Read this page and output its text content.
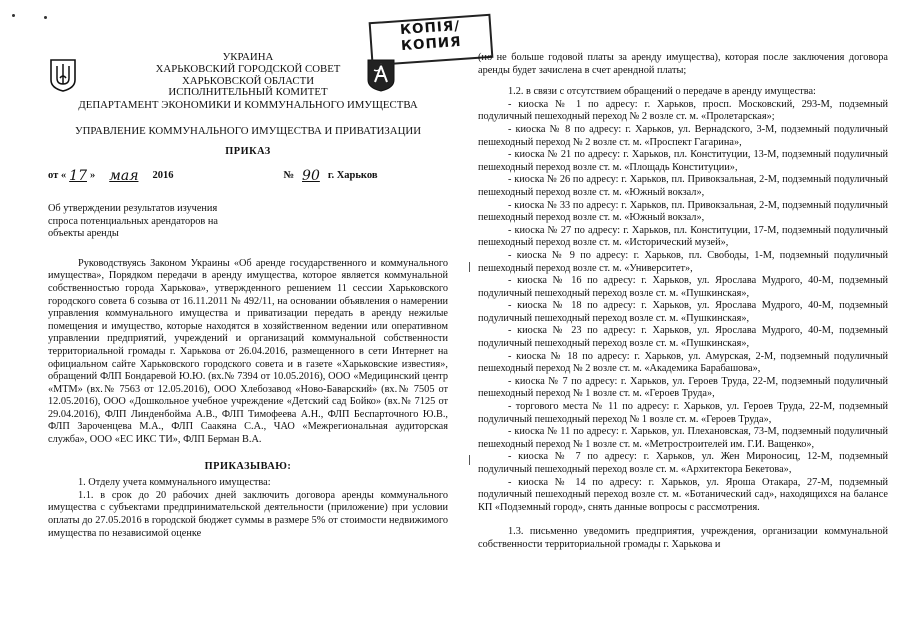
КОПІЯ/
КОПИЯ
УКРАИНА
ХАРЬКОВСКИЙ ГОРОДСКОЙ СОВЕТ
ХАРЬКОВСКОЙ ОБЛАСТИ
ИСПОЛНИТЕЛЬНЫЙ КОМИТЕТ
ДЕПАРТАМЕНТ ЭКОНОМИКИ И КОММУНАЛЬНОГО ИМУЩЕСТВА
УПРАВЛЕНИЕ КОММУНАЛЬНОГО ИМУЩЕСТВА И ПРИВАТИЗАЦИИ
ПРИКАЗ
от « 17 » мая 2016	№ 90 г. Харьков
Об утверждении результатов изучения спроса потенциальных арендаторов на объекты аренды

Руководствуясь Законом Украины «Об аренде государственного и коммунального имущества», Порядком передачи в аренду имущества, которое является коммунальной собственностью города Харькова», утвержденного решением 11 сессии Харьковского городского совета 6 созыва от 16.11.2011 № 492/11, на основании объявления о намерении управления коммунального имущества и приватизации передать в аренду нежилые помещения и имущество, которые находятся в хозяйственном ведении или оперативном управлении предприятий, учреждений и организаций коммунальной собственности территориальной громады г. Харькова от 26.04.2016, размещенного в сети Интернет на официальном сайте Харьковского городского совета и в газете «Харьковские известия», обращений ФЛП Бондаревой Ю.Ю. (вх.№ 7394 от 10.05.2016), ООО «Медицинский центр «МТМ» (вх.№ 7563 от 12.05.2016), ООО Хлебозавод «Ново-Баварский» (вх.№ 7505 от 12.05.2016), ООО «Дошкольное учебное учреждение «Детский сад Бойко» (вх.№ 7125 от 29.04.2016), ФЛП Линденбойма А.В., ФЛП Тимофеева А.Н., ФЛП Беспарточного Ю.В., ФЛП Зароченцева М.А., ФЛП Саакяна С.А., ЧАО «Межрегиональная аудиторская служба», ООО «ЕС ИКС ТИ», ФЛП Берман В.А.

ПРИКАЗЫВАЮ:

1. Отделу учета коммунального имущества:

1.1. в срок до 20 рабочих дней заключить договора аренды коммунального имущества с субъектами предпринимательской деятельности (приложение) при условии оплаты до 27.05.2016 в городской бюджет суммы в размере 5% от стоимости недвижимого имущества по независимой оценке

(но не больше годовой платы за аренду имущества), которая после заключения договора аренды будет зачислена в счет арендной платы;

1.2. в связи с отсутствием обращений о передаче в аренду имущества:

- киоска № 1 по адресу: г. Харьков, просп. Московский, 293-М, подземный подуличный пешеходный переход № 2 возле ст. м. «Пролетарская»;

- киоска № 8 по адресу: г. Харьков, ул. Вернадского, 3-М, подземный подуличный пешеходный переход № 2 возле ст. м. «Проспект Гагарина»,

- киоска № 21 по адресу: г. Харьков, пл. Конституции, 13-М, подземный подуличный пешеходный переход возле ст. м. «Площадь Конституции»,

- киоска № 26 по адресу: г. Харьков, пл. Привокзальная, 2-М, подземный подуличный пешеходный переход возле ст. м. «Южный вокзал»,

- киоска № 33 по адресу: г. Харьков, пл. Привокзальная, 2-М, подземный подуличный пешеходный переход возле ст. м. «Южный вокзал»,

- киоска № 27 по адресу: г. Харьков, пл. Конституции, 17-М, подземный подуличный пешеходный переход возле ст. м. «Исторический музей»,

- киоска № 9 по адресу: г. Харьков, пл. Свободы, 1-М, подземный подуличный пешеходный переход возле ст. м. «Университет»,

- киоска № 16 по адресу: г. Харьков, ул. Ярослава Мудрого, 40-М, подземный подуличный пешеходный переход возле ст. м. «Пушкинская»,

- киоска № 18 по адресу: г. Харьков, ул. Ярослава Мудрого, 40-М, подземный подуличный пешеходный переход возле ст. м. «Пушкинская»,

- киоска № 23 по адресу: г. Харьков, ул. Ярослава Мудрого, 40-М, подземный подуличный пешеходный переход возле ст. м. «Пушкинская»,

- киоска № 18 по адресу: г. Харьков, ул. Амурская, 2-М, подземный подуличный пешеходный переход № 2 возле ст. м. «Академика Барабашова»,

- киоска № 7 по адресу: г. Харьков, ул. Героев Труда, 22-М, подземный подуличный пешеходный переход № 1 возле ст. м. «Героев Труда»,

- торгового места № 11 по адресу: г. Харьков, ул. Героев Труда, 22-М, подземный подуличный пешеходный переход № 1 возле ст. м. «Героев Труда»,

- киоска № 11 по адресу: г. Харьков, ул. Плехановская, 73-М, подземный подуличный пешеходный переход № 1 возле ст. м. «Метростроителей им. Г.И. Ващенко»,

- киоска № 7 по адресу: г. Харьков, ул. Жен Мироносиц, 12-М, подземный подуличный пешеходный переход возле ст. м. «Архитектора Бекетова»,

- киоска № 14 по адресу: г. Харьков, ул. Ярошa Отакара, 27-М, подземный подуличный пешеходный переход возле ст. м. «Ботанический сад», находящихся на балансе КП «Подземный город», снять данные вопросы с рассмотрения.

1.3. письменно уведомить предприятия, учреждения, организации коммунальной собственности территориальной громады г. Харькова и
